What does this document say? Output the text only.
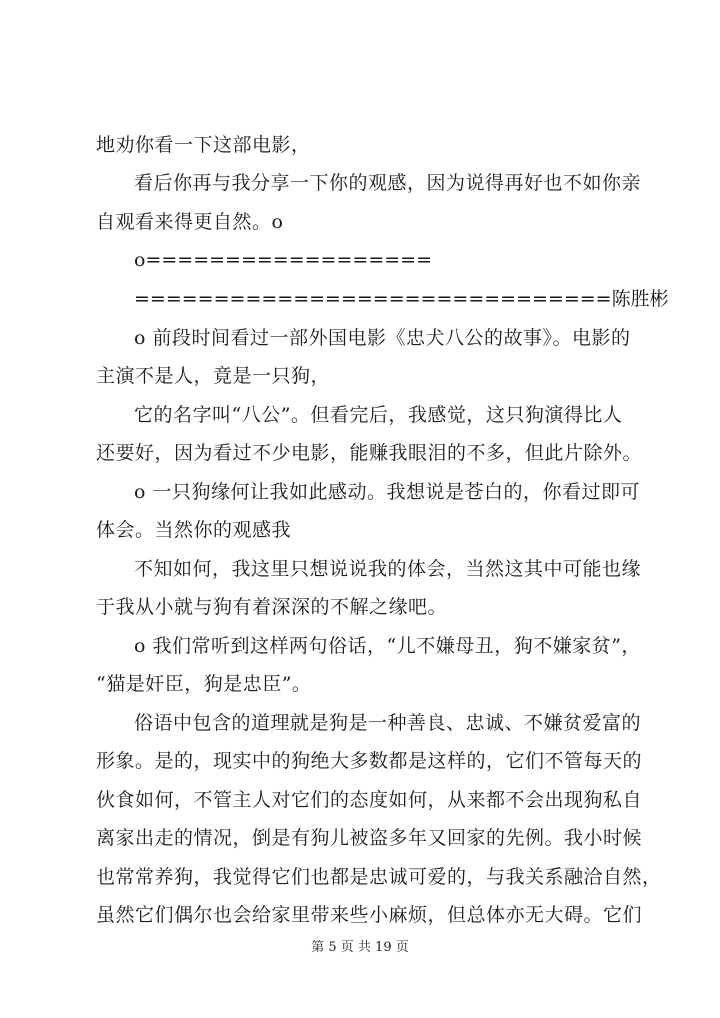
地劝你看一下这部电影，
看后你再与我分享一下你的观感，因为说得再好也不如你亲
自观看来得更自然。o
o==================
==============================陈胜彬
o 前段时间看过一部外国电影《忠犬八公的故事》。电影的
主演不是人，竟是一只狗，
它的名字叫“八公”。但看完后，我感觉，这只狗演得比人
还要好，因为看过不少电影，能赚我眼泪的不多，但此片除外。
o 一只狗缘何让我如此感动。我想说是苍白的，你看过即可
体会。当然你的观感我
不知如何，我这里只想说说我的体会，当然这其中可能也缘
于我从小就与狗有着深深的不解之缘吧。
o 我们常听到这样两句俗话，“儿不嫌母丑，狗不嫌家贫”，
“猫是奸臣，狗是忠臣”。
俗语中包含的道理就是狗是一种善良、忠诚、不嫌贫爱富的
形象。是的，现实中的狗绝大多数都是这样的，它们不管每天的
伙食如何，不管主人对它们的态度如何，从来都不会出现狗私自
离家出走的情况，倒是有狗儿被盗多年又回家的先例。我小时候
也常常养狗，我觉得它们也都是忠诚可爱的，与我关系融洽自然，
虽然它们偶尔也会给家里带来些小麻烦，但总体亦无大碍。它们
第 5 页 共 19 页
